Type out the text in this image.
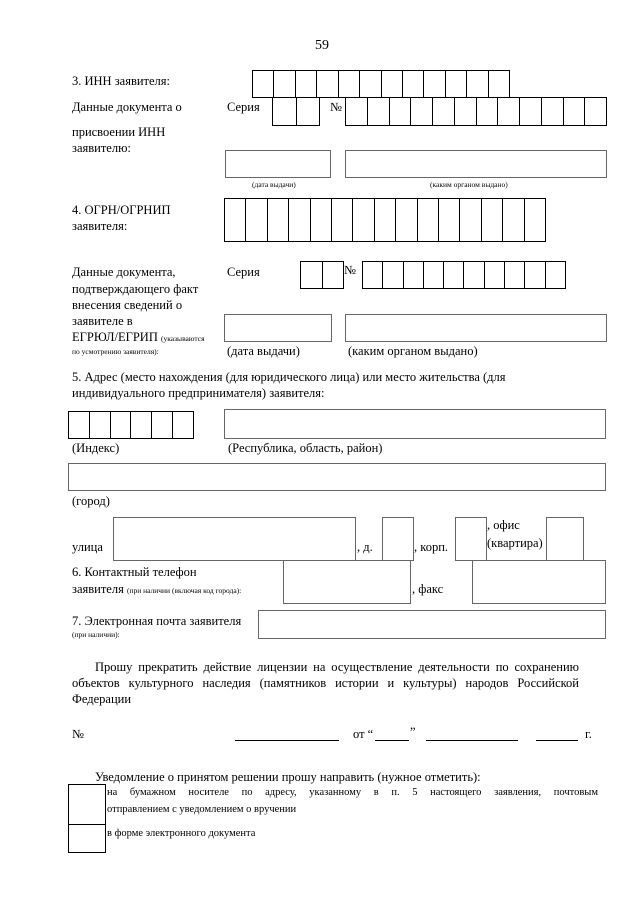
59
3. ИНН заявителя:
Данные документа о
присвоении ИНН
заявителю:
Серия	№
(дата выдачи)	(каким органом выдано)
4. ОГРН/ОГРНИП
заявителя:
Данные документа,
подтверждающего факт
внесения сведений о
заявителе в
ЕГРЮЛ/ЕГРИП (указываются
по усмотрению заявителя):
Серия	№
(дата выдачи)	(каким органом выдано)
5. Адрес (место нахождения (для юридического лица) или место жительства (для
индивидуального предпринимателя) заявителя:
(Индекс)	(Республика, область, район)
(город)
улица	, д.	, корп.
, офис
(квартира)
6. Контактный телефон
заявителя (при наличии (включая код города):	, факс
7. Электронная почта заявителя
(при наличии):
Прошу прекратить действие лицензии на осуществление деятельности по сохранению
объектов культурного наследия (памятников истории и культуры) народов Российской
Федерации
№	от “	”	г.
Уведомление о принятом решении прошу направить (нужное отметить):
на бумажном носителе по адресу, указанному в п. 5 настоящего заявления, почтовым
отправлением с уведомлением о вручении
в форме электронного документа
